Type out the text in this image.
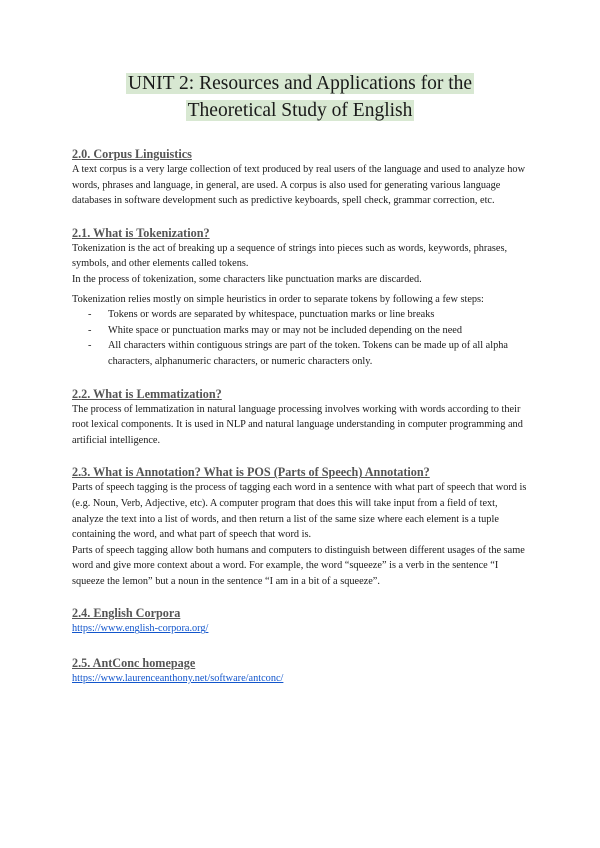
UNIT 2: Resources and Applications for the
Theoretical Study of English
2.0. Corpus Linguistics

A text corpus is a very large collection of text produced by real users of the language and used to analyze how words, phrases and language, in general, are used. A corpus is also used for generating various language databases in software development such as predictive keyboards, spell check, grammar correction, etc.

2.1. What is Tokenization?

Tokenization is the act of breaking up a sequence of strings into pieces such as words, keywords, phrases, symbols, and other elements called tokens.

In the process of tokenization, some characters like punctuation marks are discarded.

Tokenization relies mostly on simple heuristics in order to separate tokens by following a few steps:

- Tokens or words are separated by whitespace, punctuation marks or line breaks
- White space or punctuation marks may or may not be included depending on the need
- All characters within contiguous strings are part of the token. Tokens can be made up of all alpha characters, alphanumeric characters, or numeric characters only.
2.2. What is Lemmatization?

The process of lemmatization in natural language processing involves working with words according to their root lexical components. It is used in NLP and natural language understanding in computer programming and artificial intelligence.

2.3. What is Annotation? What is POS (Parts of Speech) Annotation?

Parts of speech tagging is the process of tagging each word in a sentence with what part of speech that word is (e.g. Noun, Verb, Adjective, etc). A computer program that does this will take input from a field of text, analyze the text into a list of words, and then return a list of the same size where each element is a tuple containing the word, and what part of speech that word is.

Parts of speech tagging allow both humans and computers to distinguish between different usages of the same word and give more context about a word. For example, the word “squeeze” is a verb in the sentence “I squeeze the lemon” but a noun in the sentence “I am in a bit of a squeeze”.

2.4. English Corpora
https://www.english-corpora.org/
2.5. AntConc homepage
https://www.laurenceanthony.net/software/antconc/
